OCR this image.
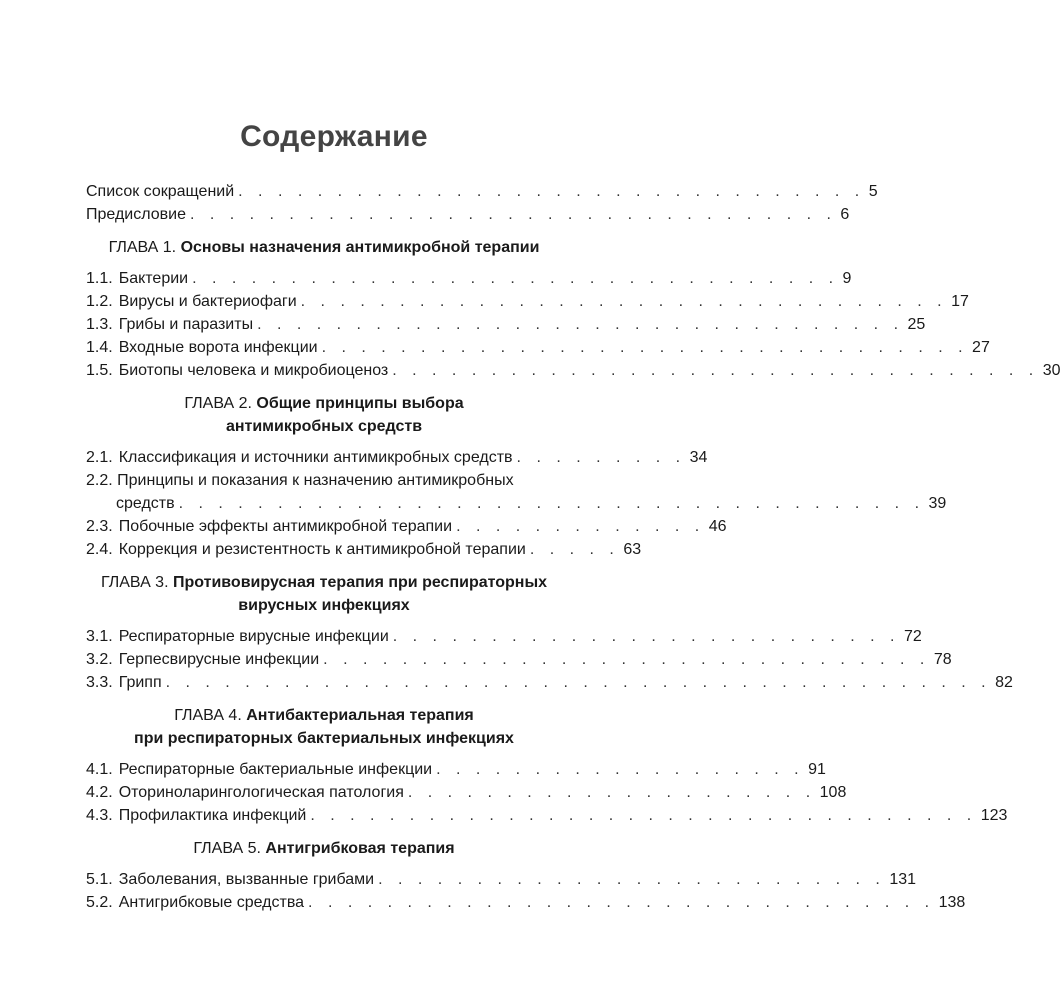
Содержание
Список сокращений . . . . . . . . . . . . . . . . . . . . . . . . . . . . . . . . 5
Предисловие . . . . . . . . . . . . . . . . . . . . . . . . . . . . . . . . . 6
ГЛАВА 1. Основы назначения антимикробной терапии
1.1. Бактерии . . . . . . . . . . . . . . . . . . . . . . . . . . . . . . . . . 9
1.2. Вирусы и бактериофаги . . . . . . . . . . . . . . . . . . . . . . . . . . . . . . . . . 17
1.3. Грибы и паразиты . . . . . . . . . . . . . . . . . . . . . . . . . . . . . . . . . 25
1.4. Входные ворота инфекции . . . . . . . . . . . . . . . . . . . . . . . . . . . . . . . . . 27
1.5. Биотопы человека и микробиоценоз . . . . . . . . . . . . . . . . . . . . . . . . . . . . . . . . . 30
ГЛАВА 2. Общие принципы выбора
антимикробных средств
2.1. Классификация и источники антимикробных средств . . . . . . . . . 34
2.2. Принципы и показания к назначению антимикробных
средств . . . . . . . . . . . . . . . . . . . . . . . . . . . . . . . . . . . . . . 39
2.3. Побочные эффекты антимикробной терапии . . . . . . . . . . . . . 46
2.4. Коррекция и резистентность к антимикробной терапии . . . . . 63
ГЛАВА 3. Противовирусная терапия при респираторных
вирусных инфекциях
3.1. Респираторные вирусные инфекции . . . . . . . . . . . . . . . . . . . . . . . . . . 72
3.2. Герпесвирусные инфекции . . . . . . . . . . . . . . . . . . . . . . . . . . . . . . . 78
3.3. Грипп . . . . . . . . . . . . . . . . . . . . . . . . . . . . . . . . . . . . . . . . . . 82
ГЛАВА 4. Антибактериальная терапия
при респираторных бактериальных инфекциях
4.1. Респираторные бактериальные инфекции . . . . . . . . . . . . . . . . . . . 91
4.2. Оториноларингологическая патология . . . . . . . . . . . . . . . . . . . . . 108
4.3. Профилактика инфекций . . . . . . . . . . . . . . . . . . . . . . . . . . . . . . . . . . 123
ГЛАВА 5. Антигрибковая терапия
5.1. Заболевания, вызванные грибами . . . . . . . . . . . . . . . . . . . . . . . . . . 131
5.2. Антигрибковые средства . . . . . . . . . . . . . . . . . . . . . . . . . . . . . . . . 138
